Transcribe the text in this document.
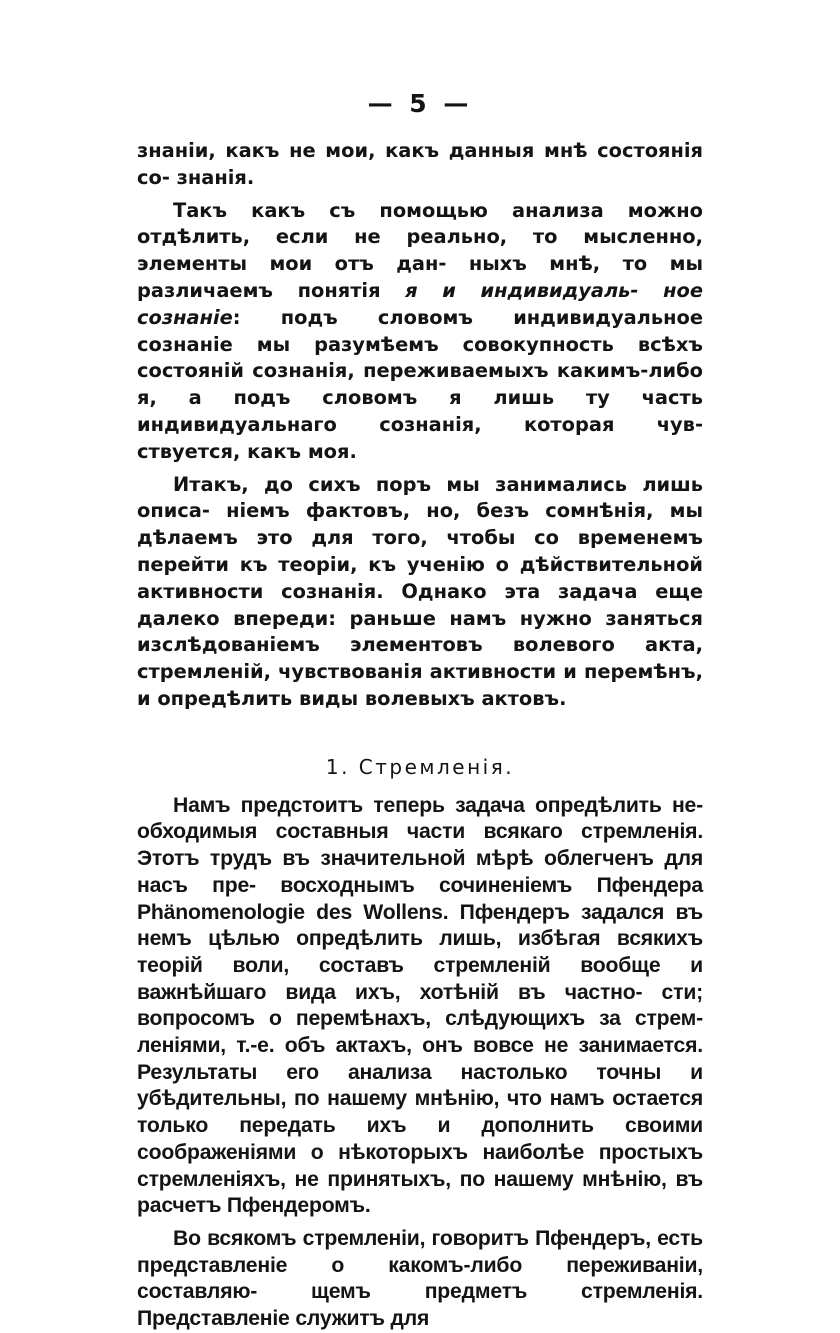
— 5 —

знаніи, какъ не мои, какъ данныя мнѣ состоянія со- знанія.

Такъ какъ съ помощью анализа можно отдѣлить, если не реально, то мысленно, элементы мои отъ дан- ныхъ мнѣ, то мы различаемъ понятія я и индивидуаль- ное сознаніе: подъ словомъ индивидуальное сознаніе мы разумѣемъ совокупность всѣхъ состояній сознанія, переживаемыхъ какимъ-либо я, а подъ словомъ я лишь ту часть индивидуальнаго сознанія, которая чув- ствуется, какъ моя.

Итакъ, до сихъ поръ мы занимались лишь описа- ніемъ фактовъ, но, безъ сомнѣнія, мы дѣлаемъ это для того, чтобы со временемъ перейти къ теоріи, къ ученію о дѣйствительной активности сознанія. Однако эта задача еще далеко впереди: раньше намъ нужно заняться изслѣдованіемъ элементовъ волевого акта, стремленій, чувствованія активности и перемѣнъ, и опредѣлить виды волевыхъ актовъ.

1. Стремленія.

Намъ предстоитъ теперь задача опредѣлить не- обходимыя составныя части всякаго стремленія. Этотъ трудъ въ значительной мѣрѣ облегченъ для насъ пре- восходнымъ сочиненіемъ Пфендера Phänomenologie des Wollens. Пфендеръ задался въ немъ цѣлью опредѣлить лишь, избѣгая всякихъ теорій воли, составъ стремленій вообще и важнѣйшаго вида ихъ, хотѣній въ частно- сти; вопросомъ о перемѣнахъ, слѣдующихъ за стрем- леніями, т.-е. объ актахъ, онъ вовсе не занимается. Результаты его анализа настолько точны и убѣдительны, по нашему мнѣнію, что намъ остается только передать ихъ и дополнить своими соображеніями о нѣкоторыхъ наиболѣе простыхъ стремленіяхъ, не принятыхъ, по нашему мнѣнію, въ расчетъ Пфендеромъ.

Во всякомъ стремленіи, говоритъ Пфендеръ, есть представленіе о какомъ-либо переживаніи, составляю- щемъ предметъ стремленія. Представленіе служитъ для
